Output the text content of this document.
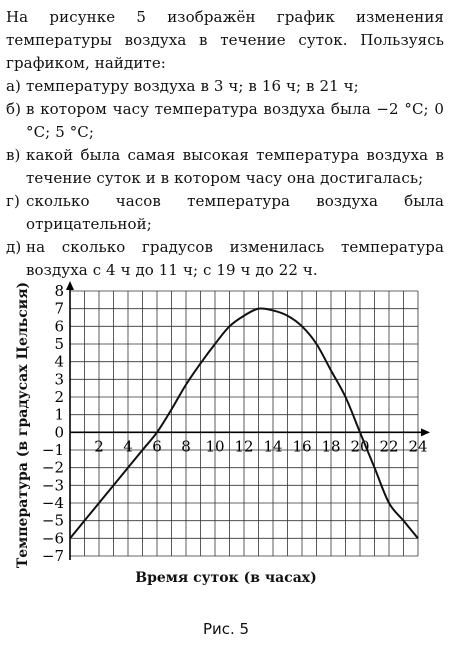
На рисунке 5 изображён график изменения температуры воздуха в течение суток. Пользуясь графиком, найдите:

а) температуру воздуха в 3 ч; в 16 ч; в 21 ч;
б) в котором часу температура воздуха была −2 °С; 0 °С; 5 °С;
в) какой была самая высокая температура воздуха в течение суток и в котором часу она достигалась;
г) сколько часов температура воздуха была отрицательной;
д) на сколько градусов изменилась температура воздуха с 4 ч до 11 ч; с 19 ч до 22 ч.
8
7
6
5
4
3
2
1
0
−1
−2
−3
−4
−5
−6
−7
2 4 6 8 10 12 14 16 18 20 22 24
Температура (в градусах Цельсия)
Время суток (в часах)
Рис. 5
